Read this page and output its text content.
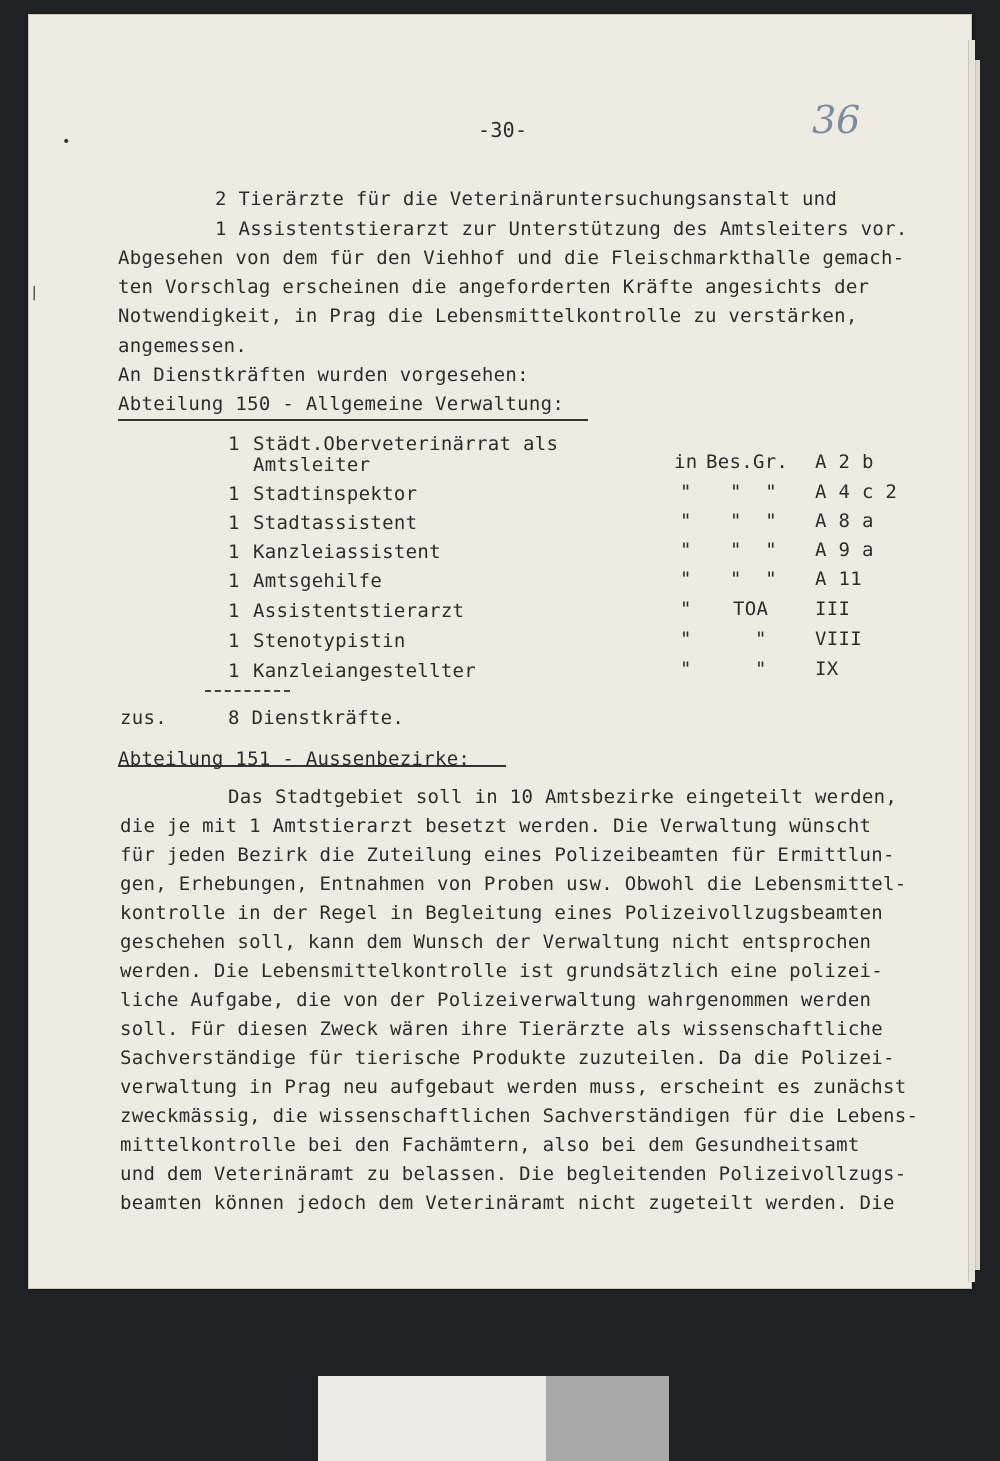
•
|
-30-	36
2 Tierärzte für die Veterinäruntersuchungsanstalt und
1 Assistentstierarzt zur Unterstützung des Amtsleiters vor.
Abgesehen von dem für den Viehhof und die Fleischmarkthalle gemach-
ten Vorschlag erscheinen die angeforderten Kräfte angesichts der
Notwendigkeit, in Prag die Lebensmittelkontrolle zu verstärken,
angemessen.
An Dienstkräften wurden vorgesehen:
Abteilung 150 - Allgemeine Verwaltung:
1 Städt.Oberveterinärrat als
Amtsleiter	in Bes.Gr. A 2 b
1 Stadtinspektor	" "  " A 4 c 2
1 Stadtassistent	" "  " A 8 a
1 Kanzleiassistent	" "  " A 9 a
1 Amtsgehilfe	" "  " A 11
1 Assistentstierarzt	" TOA III
1 Stenotypistin	"	"	VIII
1 Kanzleiangestellter	"	"	IX
zus.	8 Dienstkräfte.
Abteilung 151 - Aussenbezirke:
Das Stadtgebiet soll in 10 Amtsbezirke eingeteilt werden,
die je mit 1 Amtstierarzt besetzt werden. Die Verwaltung wünscht
für jeden Bezirk die Zuteilung eines Polizeibeamten für Ermittlun-
gen, Erhebungen, Entnahmen von Proben usw. Obwohl die Lebensmittel-
kontrolle in der Regel in Begleitung eines Polizeivollzugsbeamten
geschehen soll, kann dem Wunsch der Verwaltung nicht entsprochen
werden. Die Lebensmittelkontrolle ist grundsätzlich eine polizei-
liche Aufgabe, die von der Polizeiverwaltung wahrgenommen werden
soll. Für diesen Zweck wären ihre Tierärzte als wissenschaftliche
Sachverständige für tierische Produkte zuzuteilen. Da die Polizei-
verwaltung in Prag neu aufgebaut werden muss, erscheint es zunächst
zweckmässig, die wissenschaftlichen Sachverständigen für die Lebens-
mittelkontrolle bei den Fachämtern, also bei dem Gesundheitsamt
und dem Veterinäramt zu belassen. Die begleitenden Polizeivollzugs-
beamten können jedoch dem Veterinäramt nicht zugeteilt werden. Die
